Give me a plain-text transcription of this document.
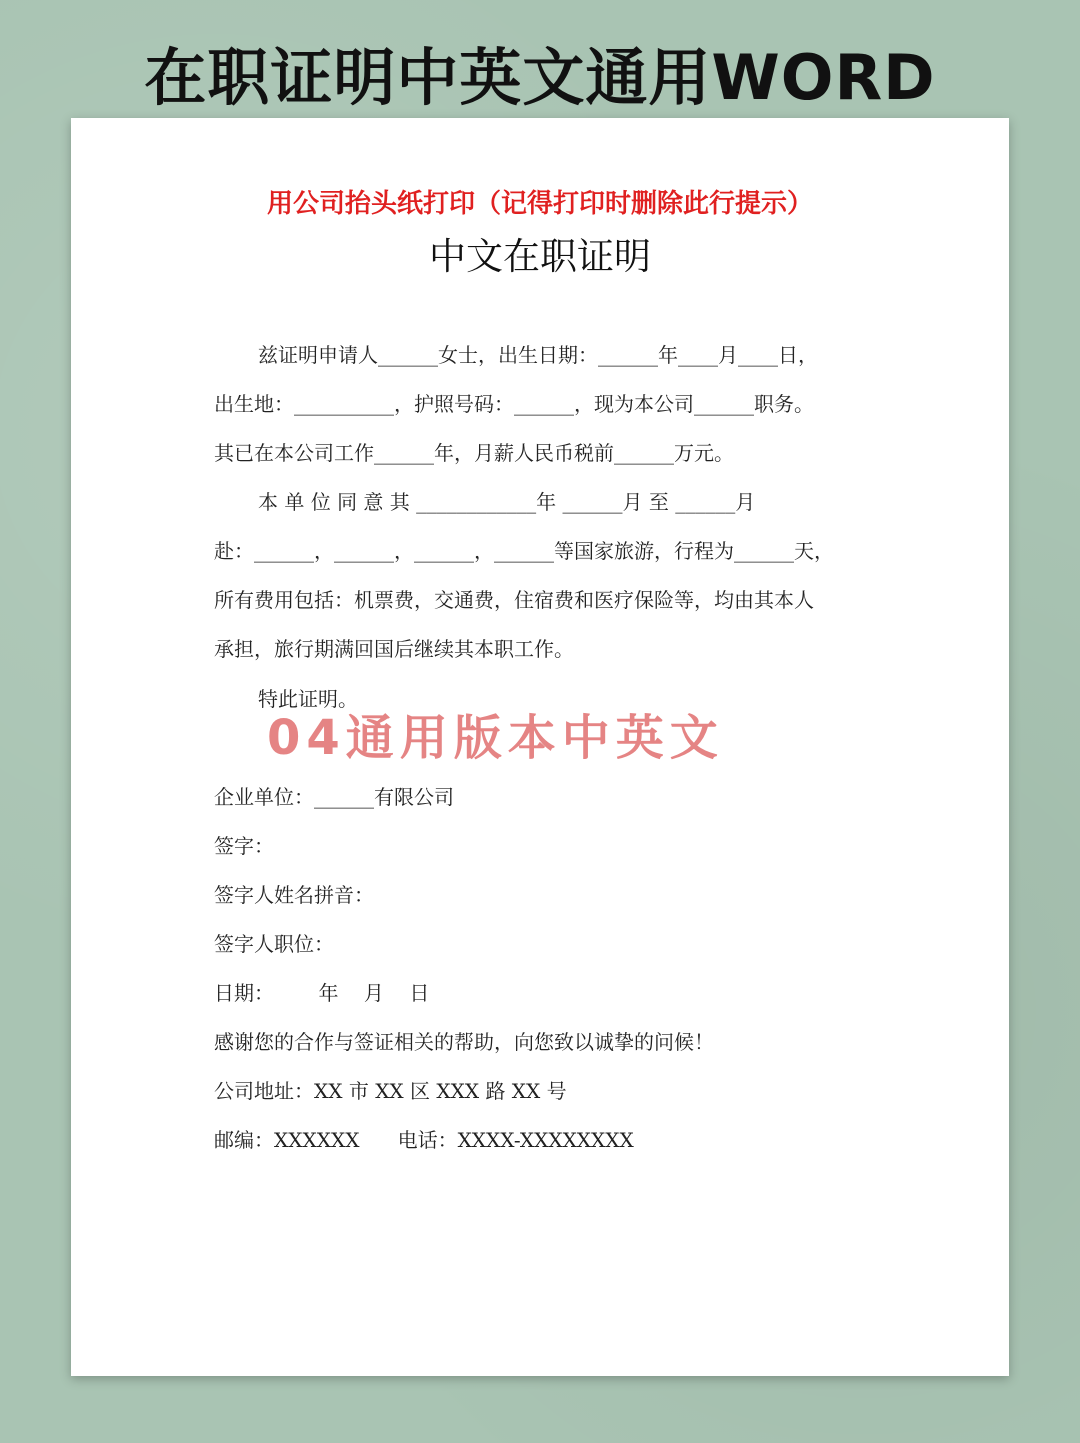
在职证明中英文通用WORD
用公司抬头纸打印（记得打印时删除此行提示）
中文在职证明
兹证明申请人______女士，出生日期：______年____月____日，
出生地：__________，护照号码：______，现为本公司______职务。
其已在本公司工作______年，月薪人民币税前______万元。
本 单 位 同 意 其 ____________年 ______月 至 ______月
赴：______，______，______，______等国家旅游，行程为______天，
所有费用包括：机票费，交通费，住宿费和医疗保险等，均由其本人
承担，旅行期满回国后继续其本职工作。
特此证明。
04通用版本中英文
企业单位：______有限公司
签字：
签字人姓名拼音：
签字人职位：
日期：       年    月    日
感谢您的合作与签证相关的帮助，向您致以诚挚的问候！
公司地址：XX 市 XX 区 XXX 路 XX 号
邮编：XXXXXX      电话：XXXX-XXXXXXXX
